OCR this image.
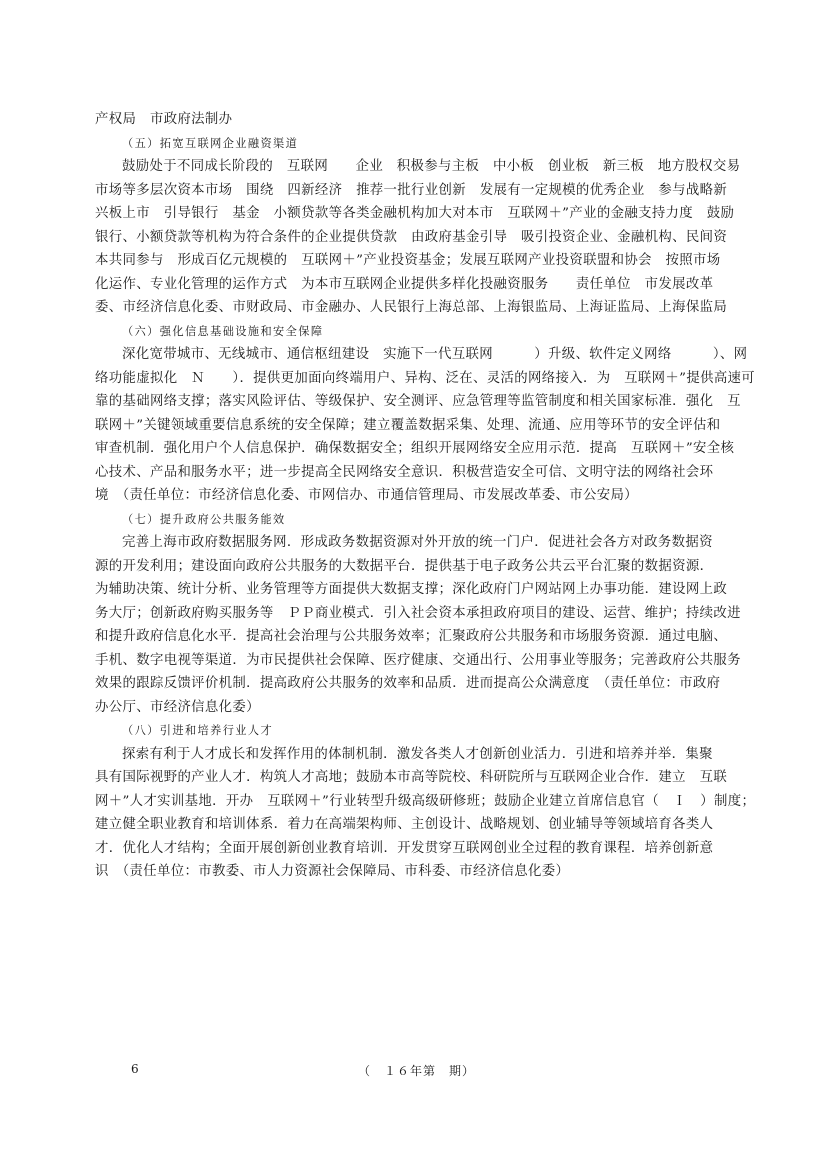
产权局　市政府法制办

（五）拓宽互联网企业融资渠道

鼓励处于不同成长阶段的　互联网　　企业　积极参与主板　中小板　创业板　新三板　地方股权交易

市场等多层次资本市场　围绕　四新经济　推荐一批行业创新　发展有一定规模的优秀企业　参与战略新

兴板上市　引导银行　基金　小额贷款等各类金融机构加大对本市　互联网＋”产业的金融支持力度　鼓励

银行、小额贷款等机构为符合条件的企业提供贷款　由政府基金引导　吸引投资企业、金融机构、民间资

本共同参与　形成百亿元规模的　互联网＋”产业投资基金；发展互联网产业投资联盟和协会　按照市场

化运作、专业化管理的运作方式　为本市互联网企业提供多样化投融资服务　　责任单位　市发展改革

委、市经济信息化委、市财政局、市金融办、人民银行上海总部、上海银监局、上海证监局、上海保监局

（六）强化信息基础设施和安全保障

深化宽带城市、无线城市、通信枢纽建设　实施下一代互联网　　　）升级、软件定义网络　　　）、网

络功能虚拟化　Ｎ　　）．提供更加面向终端用户、异构、泛在、灵活的网络接入．为　互联网＋”提供高速可

靠的基础网络支撑；落实风险评估、等级保护、安全测评、应急管理等监管制度和相关国家标准．强化　互

联网＋”关键领域重要信息系统的安全保障；建立覆盖数据采集、处理、流通、应用等环节的安全评估和

审查机制．强化用户个人信息保护．确保数据安全；组织开展网络安全应用示范．提高　互联网＋”安全核

心技术、产品和服务水平；进一步提高全民网络安全意识．积极营造安全可信、文明守法的网络社会环

境　（责任单位：市经济信息化委、市网信办、市通信管理局、市发展改革委、市公安局）

（七）提升政府公共服务能效

完善上海市政府数据服务网．形成政务数据资源对外开放的统一门户．促进社会各方对政务数据资

源的开发利用；建设面向政府公共服务的大数据平台．提供基于电子政务公共云平台汇聚的数据资源．

为辅助决策、统计分析、业务管理等方面提供大数据支撑；深化政府门户网站网上办事功能．建设网上政

务大厅；创新政府购买服务等　ＰＰ商业模式．引入社会资本承担政府项目的建设、运营、维护；持续改进

和提升政府信息化水平．提高社会治理与公共服务效率；汇聚政府公共服务和市场服务资源．通过电脑、

手机、数字电视等渠道．为市民提供社会保障、医疗健康、交通出行、公用事业等服务；完善政府公共服务

效果的跟踪反馈评价机制．提高政府公共服务的效率和品质．进而提高公众满意度　（责任单位：市政府

办公厅、市经济信息化委）

（八）引进和培养行业人才

探索有利于人才成长和发挥作用的体制机制．激发各类人才创新创业活力．引进和培养并举．集聚

具有国际视野的产业人才．构筑人才高地；鼓励本市高等院校、科研院所与互联网企业合作．建立　互联

网＋”人才实训基地．开办　互联网＋”行业转型升级高级研修班；鼓励企业建立首席信息官（　Ｉ　）制度；

建立健全职业教育和培训体系．着力在高端架构师、主创设计、战略规划、创业辅导等领域培育各类人

才．优化人才结构；全面开展创新创业教育培训．开发贯穿互联网创业全过程的教育课程．培养创新意

识　（责任单位：市教委、市人力资源社会保障局、市科委、市经济信息化委）

6	（　１６年第　期）
